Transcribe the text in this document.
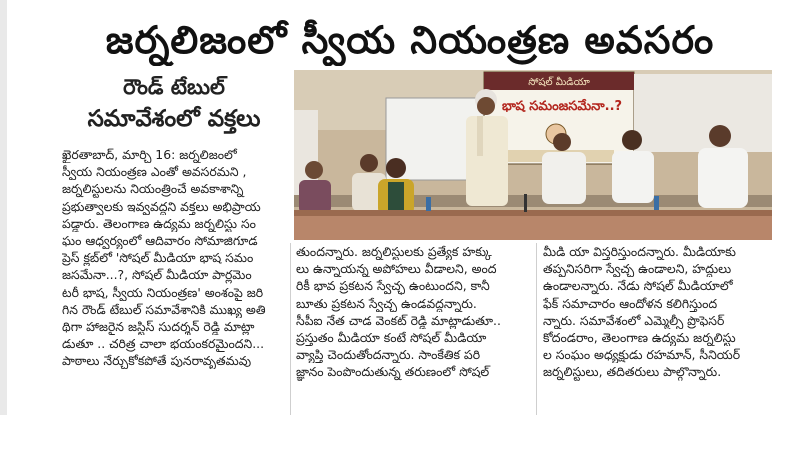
జర్నలిజంలో స్వీయ నియంత్రణ అవసరం
రౌండ్ టేబుల్
సమావేశంలో వక్తలు
సోషల్ మీడియా
భాష సమంజసమేనా..?
ఖైరతాబాద్, మార్చి 16: జర్నలిజంలో
స్వీయ నియంత్రణ ఎంతో అవసరమని ,
జర్నలిస్టులను నియంత్రించే అవకాశాన్ని
ప్రభుత్వాలకు ఇవ్వవద్దని వక్తలు అభిప్రాయ
పడ్డారు. తెలంగాణ ఉద్యమ జర్నలిస్టు సం
ఘం ఆధ్వర్యంలో ఆదివారం సోమాజిగూడ
ప్రెస్ క్లబ్‌లో 'సోషల్ మీడియా భాష సమం
జసమేనా...?, సోషల్ మీడియా పార్లమెం
టరీ భాష, స్వీయ నియంత్రణ' అంశంపై జరి
గిన రౌండ్ టేబుల్ సమావేశానికి ముఖ్య అతి
థిగా హాజరైన జస్టిస్ సుదర్శన్ రెడ్డి మాట్లా
డుతూ .. చరిత్ర చాలా భయంకరమైందని...
పాఠాలు నేర్చుకోకపోతే పునరావృతమవు
తుందన్నారు. జర్నలిస్టులకు ప్రత్యేక హక్కు
లు ఉన్నాయన్న అపోహలు వీడాలని, అంద
రికీ భావ ప్రకటన స్వేచ్ఛ ఉంటుందని, కానీ
బూతు ప్రకటన స్వేచ్ఛ ఉండవద్దన్నారు.
సీపీఐ నేత చాడ వెంకట్ రెడ్డి మాట్లాడుతూ..
ప్రస్తుతం మీడియా కంటే సోషల్ మీడియా
వ్యాప్తి చెందుతోందన్నారు. సాంకేతిక పరి
జ్ఞానం పెంపొందుతున్న తరుణంలో సోషల్
మీడి యా విస్తరిస్తుందన్నారు. మీడియాకు
తప్పనిసరిగా స్వేచ్ఛ ఉండాలని, హద్దులు
ఉండాలన్నారు. నేడు సోషల్ మీడియాలో
ఫేక్ సమాచారం ఆందోళన కలిగిస్తుంద
న్నారు. సమావేశంలో ఎమ్మెల్సీ ప్రొఫెసర్
కోదండరాం, తెలంగాణ ఉద్యమ జర్నలిస్టు
ల సంఘం అధ్యక్షుడు రహమాన్, సీనియర్
జర్నలిస్టులు, తదితరులు పాల్గొన్నారు.
